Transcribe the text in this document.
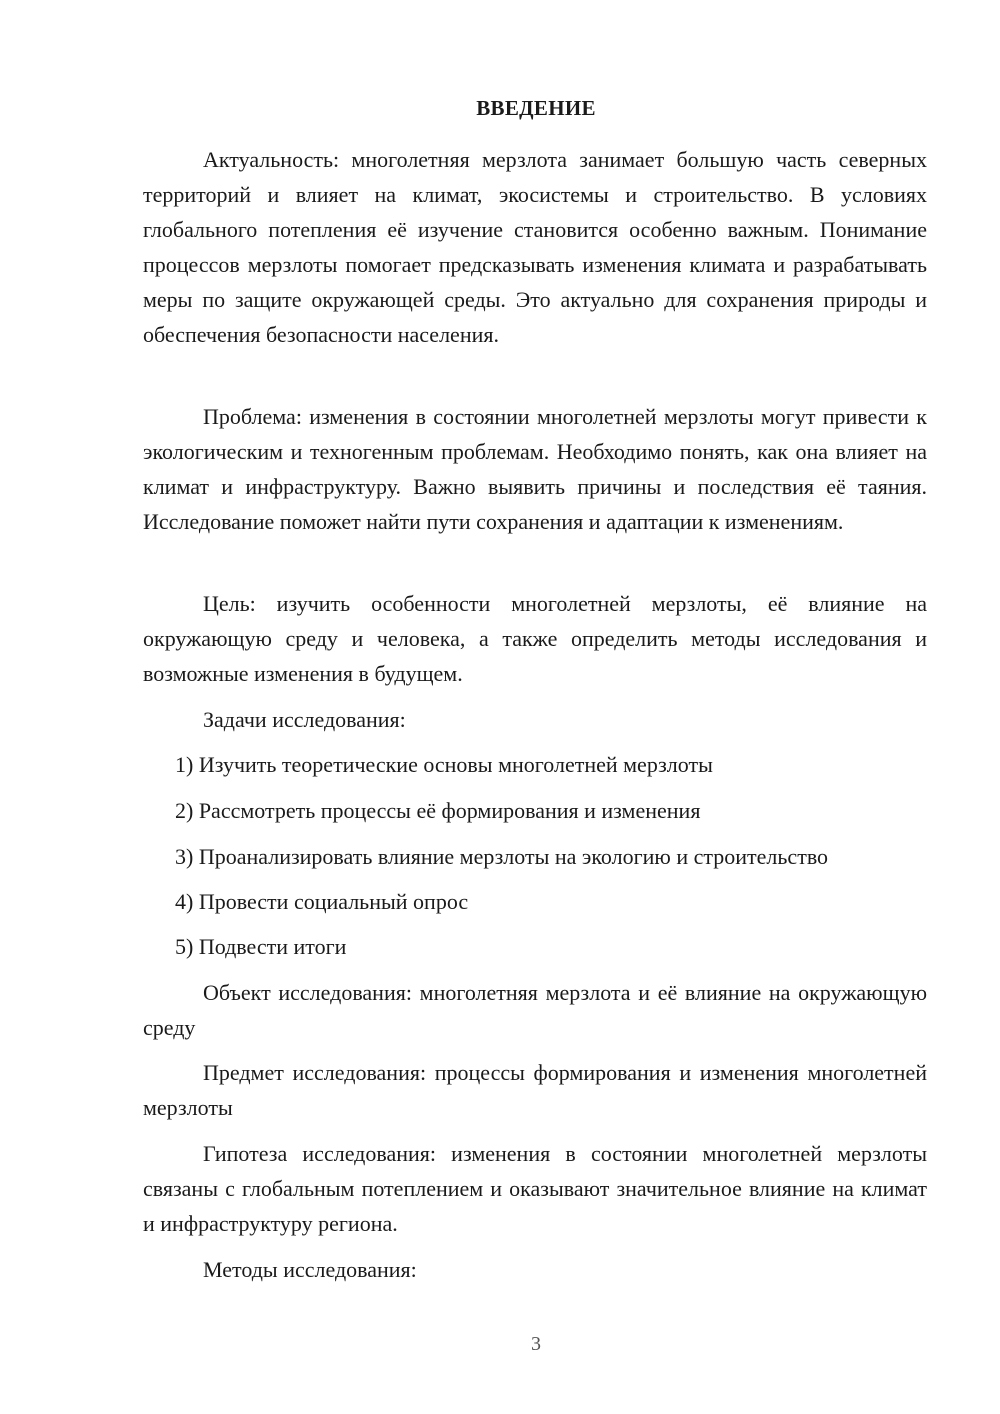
ВВЕДЕНИЕ

Актуальность: многолетняя мерзлота занимает большую часть северных территорий и влияет на климат, экосистемы и строительство. В условиях глобального потепления её изучение становится особенно важным. Понимание процессов мерзлоты помогает предсказывать изменения климата и разрабатывать меры по защите окружающей среды. Это актуально для сохранения природы и обеспечения безопасности населения.

Проблема: изменения в состоянии многолетней мерзлоты могут привести к экологическим и техногенным проблемам. Необходимо понять, как она влияет на климат и инфраструктуру. Важно выявить причины и последствия её таяния. Исследование поможет найти пути сохранения и адаптации к изменениям.

Цель: изучить особенности многолетней мерзлоты, её влияние на окружающую среду и человека, а также определить методы исследования и возможные изменения в будущем.

Задачи исследования:

1) Изучить теоретические основы многолетней мерзлоты

2) Рассмотреть процессы её формирования и изменения

3) Проанализировать влияние мерзлоты на экологию и строительство

4) Провести социальный опрос

5) Подвести итоги

Объект исследования: многолетняя мерзлота и её влияние на окружающую среду

Предмет исследования: процессы формирования и изменения многолетней мерзлоты

Гипотеза исследования: изменения в состоянии многолетней мерзлоты связаны с глобальным потеплением и оказывают значительное влияние на климат и инфраструктуру региона.

Методы исследования:

3
